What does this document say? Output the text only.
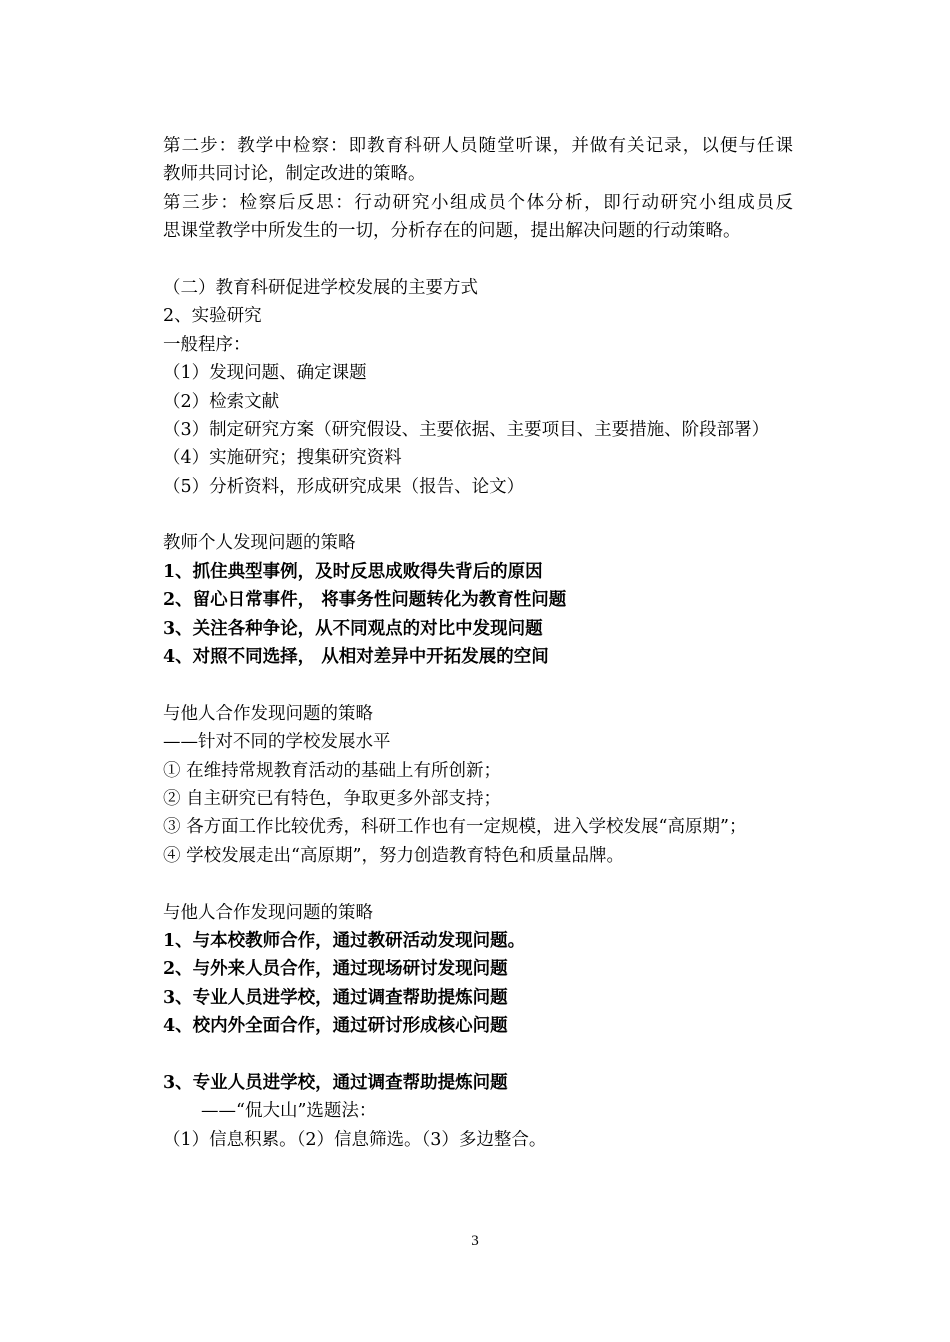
第二步：教学中检察：即教育科研人员随堂听课，并做有关记录，以便与任课
教师共同讨论，制定改进的策略。
第三步：检察后反思：行动研究小组成员个体分析，即行动研究小组成员反
思课堂教学中所发生的一切，分析存在的问题，提出解决问题的行动策略。
（二）教育科研促进学校发展的主要方式
2、实验研究
一般程序：
（1）发现问题、确定课题
（2）检索文献
（3）制定研究方案（研究假设、主要依据、主要项目、主要措施、阶段部署）
（4）实施研究；搜集研究资料
（5）分析资料，形成研究成果（报告、论文）
教师个人发现问题的策略
1、抓住典型事例，及时反思成败得失背后的原因
2、留心日常事件， 将事务性问题转化为教育性问题
3、关注各种争论，从不同观点的对比中发现问题
4、对照不同选择， 从相对差异中开拓发展的空间
与他人合作发现问题的策略
——针对不同的学校发展水平
① 在维持常规教育活动的基础上有所创新；
② 自主研究已有特色，争取更多外部支持；
③ 各方面工作比较优秀，科研工作也有一定规模，进入学校发展“高原期”；
④ 学校发展走出“高原期”，努力创造教育特色和质量品牌。
与他人合作发现问题的策略
1、与本校教师合作，通过教研活动发现问题。
2、与外来人员合作，通过现场研讨发现问题
3、专业人员进学校，通过调查帮助提炼问题
4、校内外全面合作，通过研讨形成核心问题
3、专业人员进学校，通过调查帮助提炼问题
——“侃大山”选题法：
（1）信息积累。（2）信息筛选。（3）多边整合。
3
